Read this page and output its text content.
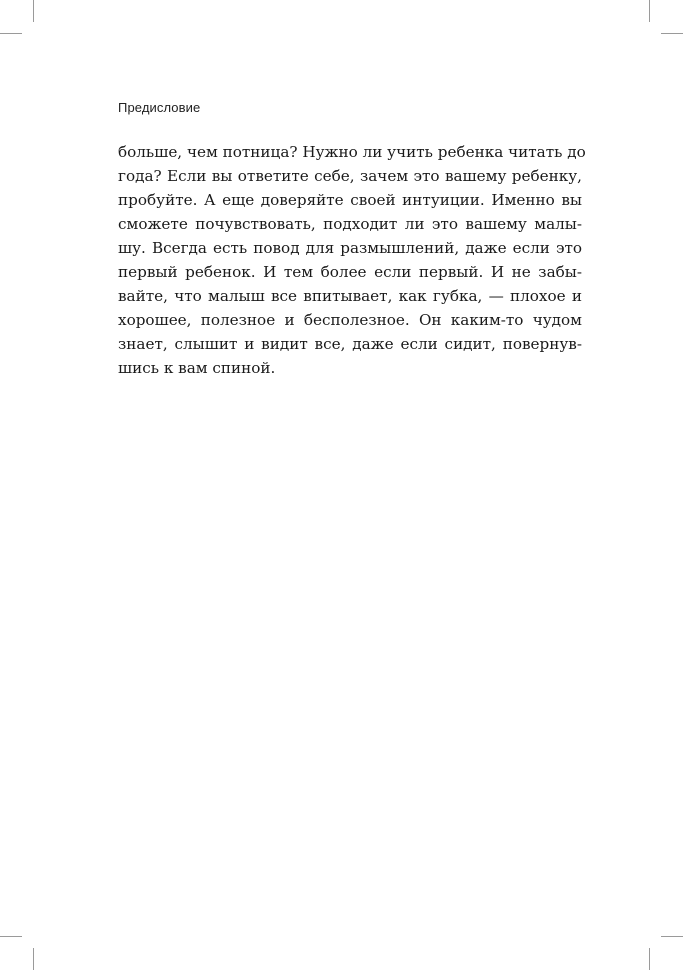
Предисловие
больше, чем потница? Нужно ли учить ребенка читать до
года? Если вы ответите себе, зачем это вашему ребенку,
пробуйте. А еще доверяйте своей интуиции. Именно вы
сможете почувствовать, подходит ли это вашему малы-
шу. Всегда есть повод для размышлений, даже если это
первый ребенок. И тем более если первый. И не забы-
вайте, что малыш все впитывает, как губка, — плохое и
хорошее, полезное и бесполезное. Он каким-то чудом
знает, слышит и видит все, даже если сидит, повернув-
шись к вам спиной.
